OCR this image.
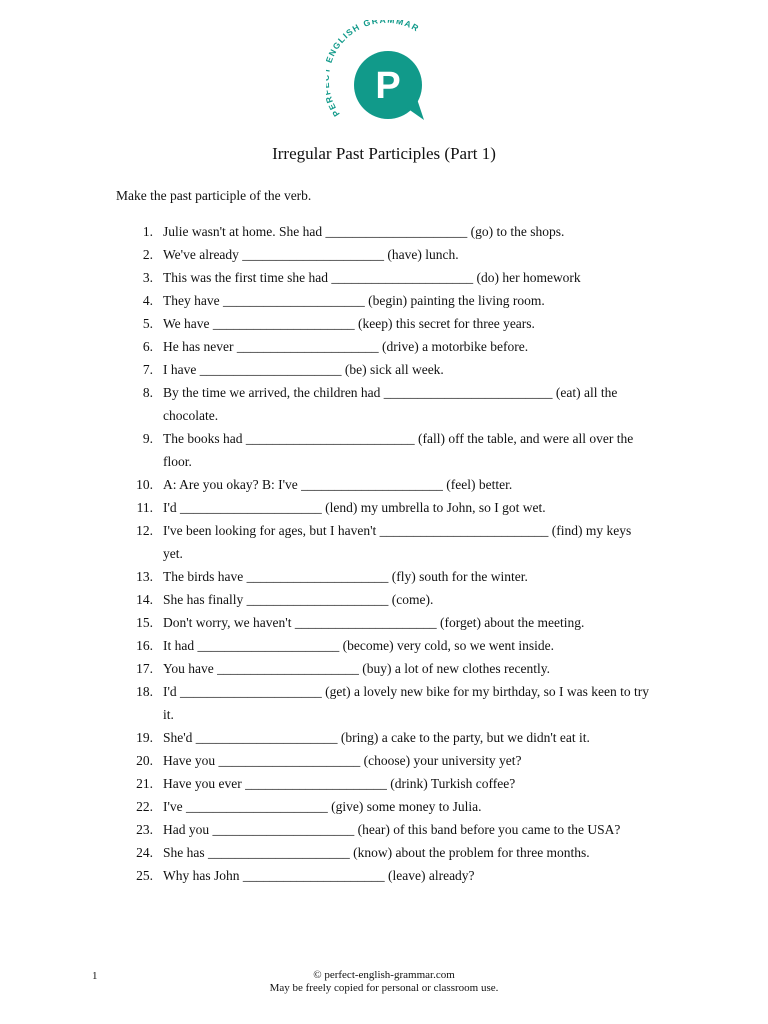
PE NGLISH GR MMAR
P
Irregular Past Participles (Part 1)

Make the past participle of the verb.

1. Julie wasn't at home. She had _____________________ (go) to the shops.
2. We've already _____________________ (have) lunch.
3. This was the first time she had _____________________ (do) her homework
4. They have _____________________ (begin) painting the living room.
5. We have _____________________ (keep) this secret for three years.
6. He has never _____________________ (drive) a motorbike before.
7. I have _____________________ (be) sick all week.
8. By the time we arrived, the children had _________________________ (eat) all the chocolate.
9. The books had _________________________ (fall) off the table, and were all over the floor.
10. A: Are you okay? B: I've _____________________ (feel) better.
11. I'd _____________________ (lend) my umbrella to John, so I got wet.
12. I've been looking for ages, but I haven't _________________________ (find) my keys yet.
13. The birds have _____________________ (fly) south for the winter.
14. She has finally _____________________ (come).
15. Don't worry, we haven't _____________________ (forget) about the meeting.
16. It had _____________________ (become) very cold, so we went inside.
17. You have _____________________ (buy) a lot of new clothes recently.
18. I'd _____________________ (get) a lovely new bike for my birthday, so I was keen to try it.
19. She'd _____________________ (bring) a cake to the party, but we didn't eat it.
20. Have you _____________________ (choose) your university yet?
21. Have you ever _____________________ (drink) Turkish coffee?
22. I've _____________________ (give) some money to Julia.
23. Had you _____________________ (hear) of this band before you came to the USA?
24. She has _____________________ (know) about the problem for three months.
25. Why has John _____________________ (leave) already?
1	© perfect-english-grammar.com
May be freely copied for personal or classroom use.
